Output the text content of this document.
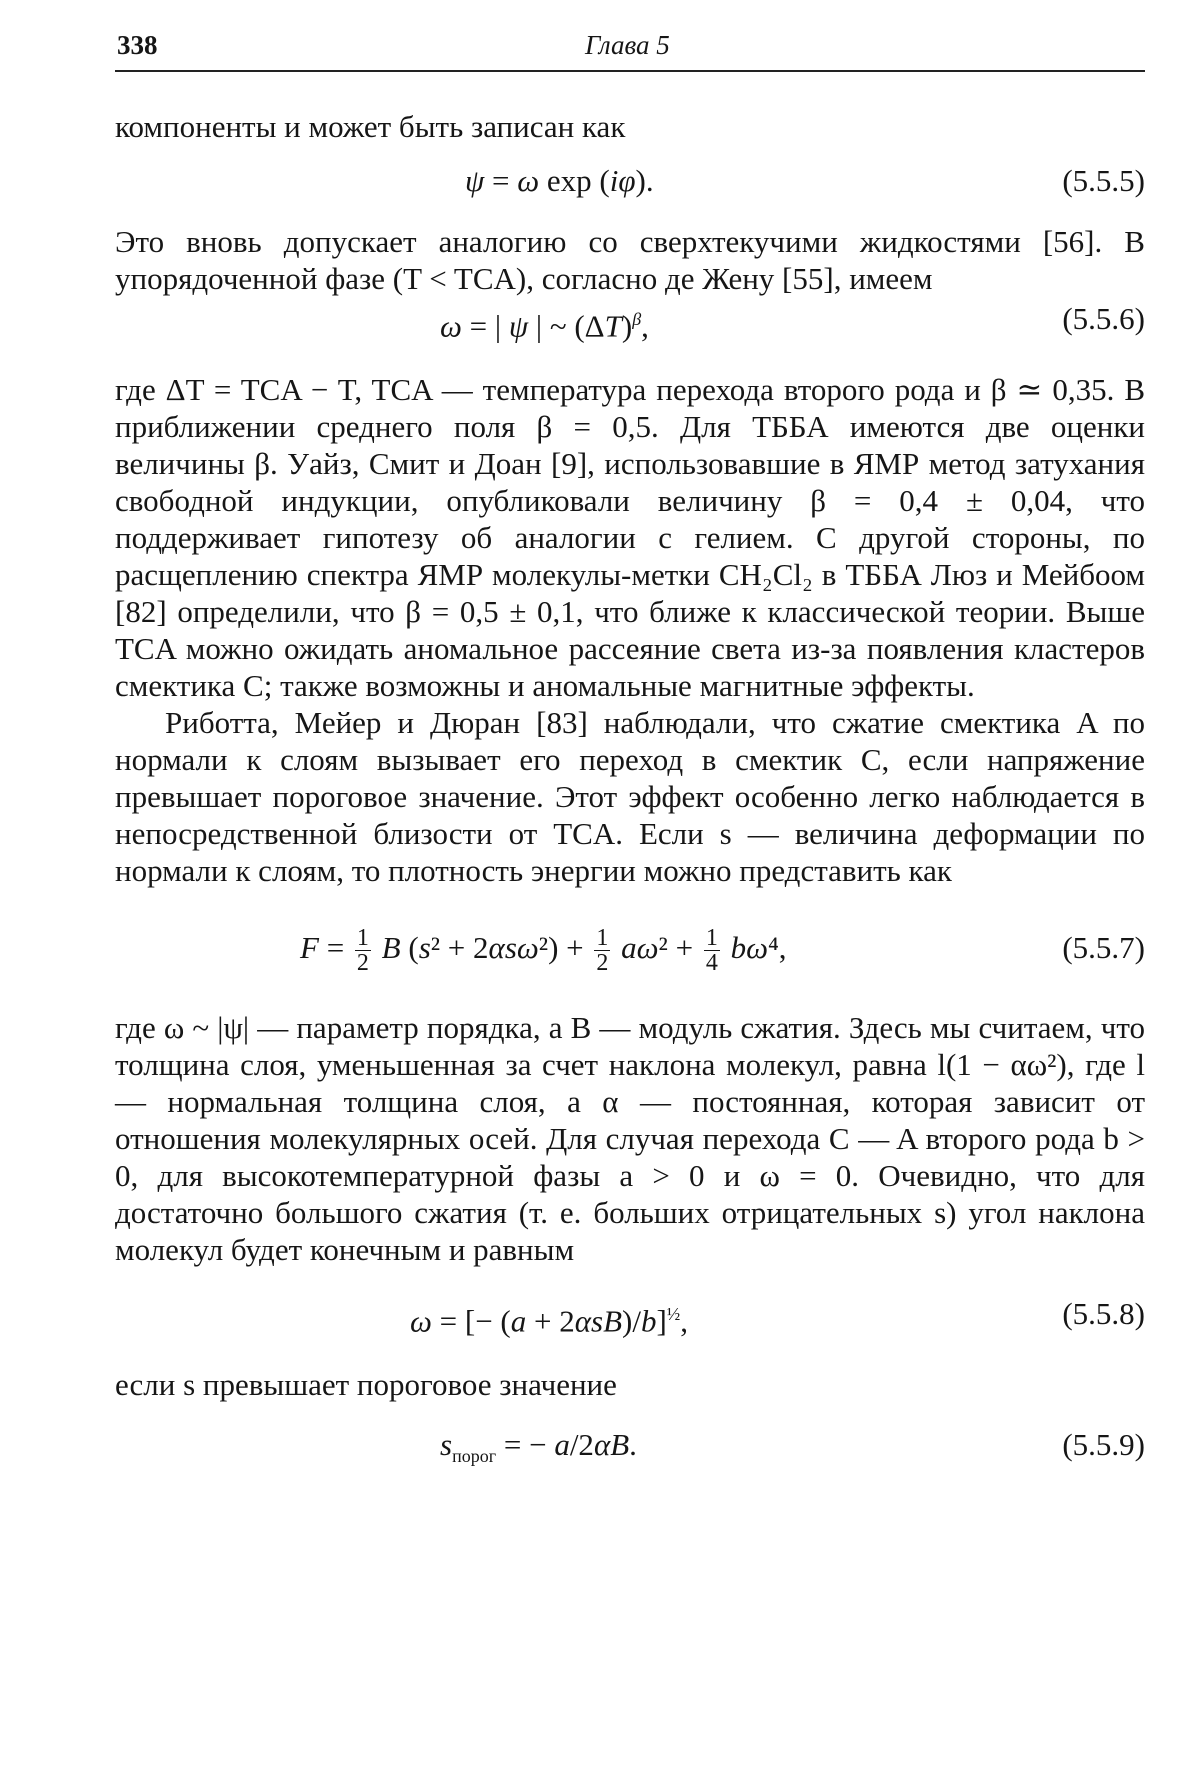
338	Глава 5

компоненты и может быть записан как

ψ = ω exp (iφ).	(5.5.5)

Это вновь допускает аналогию со сверхтекучими жидкостями [56]. В упорядоченной фазе (T < TCA), согласно де Жену [55], имеем

ω = | ψ | ~ $(\Delta T)^\beta$,	(5.5.6)

где ΔT = TCA − T, TCA — температура перехода второго рода и β ≃ 0,35. В приближении среднего поля β = 0,5. Для ТББА имеются две оценки величины β. Уайз, Смит и Доан [9], использовавшие в ЯМР метод затухания свободной индукции, опубликовали величину β = 0,4 ± 0,04, что поддерживает гипотезу об аналогии с гелием. С другой стороны, по расщеплению спектра ЯМР молекулы-метки CH₂Cl₂ в ТББА Люз и Мейбоом [82] определили, что β = 0,5 ± 0,1, что ближе к классической теории. Выше TCA можно ожидать аномальное рассеяние света из-за появления кластеров смектика C; также возможны и аномальные магнитные эффекты.

Риботта, Мейер и Дюран [83] наблюдали, что сжатие смектика A по нормали к слоям вызывает его переход в смектик C, если напряжение превышает пороговое значение. Этот эффект особенно легко наблюдается в непосредственной близости от TCA. Если s — величина деформации по нормали к слоям, то плотность энергии можно представить как

$F = \frac{1}{2}$ B $(s^2 + 2\alpha s\omega^2) + \frac{1}{2} a\omega^2 + \frac{1}{4} b\omega^4$,	(5.5.7)

где ω ~ |ψ| — параметр порядка, а B — модуль сжатия. Здесь мы считаем, что толщина слоя, уменьшенная за счет наклона молекул, равна l(1 − αω²), где l — нормальная толщина слоя, а α — постоянная, которая зависит от отношения молекулярных осей. Для случая перехода C — A второго рода b > 0, для высокотемпературной фазы a > 0 и ω = 0. Очевидно, что для достаточно большого сжатия (т. е. больших отрицательных s) угол наклона молекул будет конечным и равным

ω = [− (a + 2αsB)/b]$^{\frac{1}{2}}$,	(5.5.8)

если s превышает пороговое значение

$s_{порог}$ = − a/2αB.	(5.5.9)
